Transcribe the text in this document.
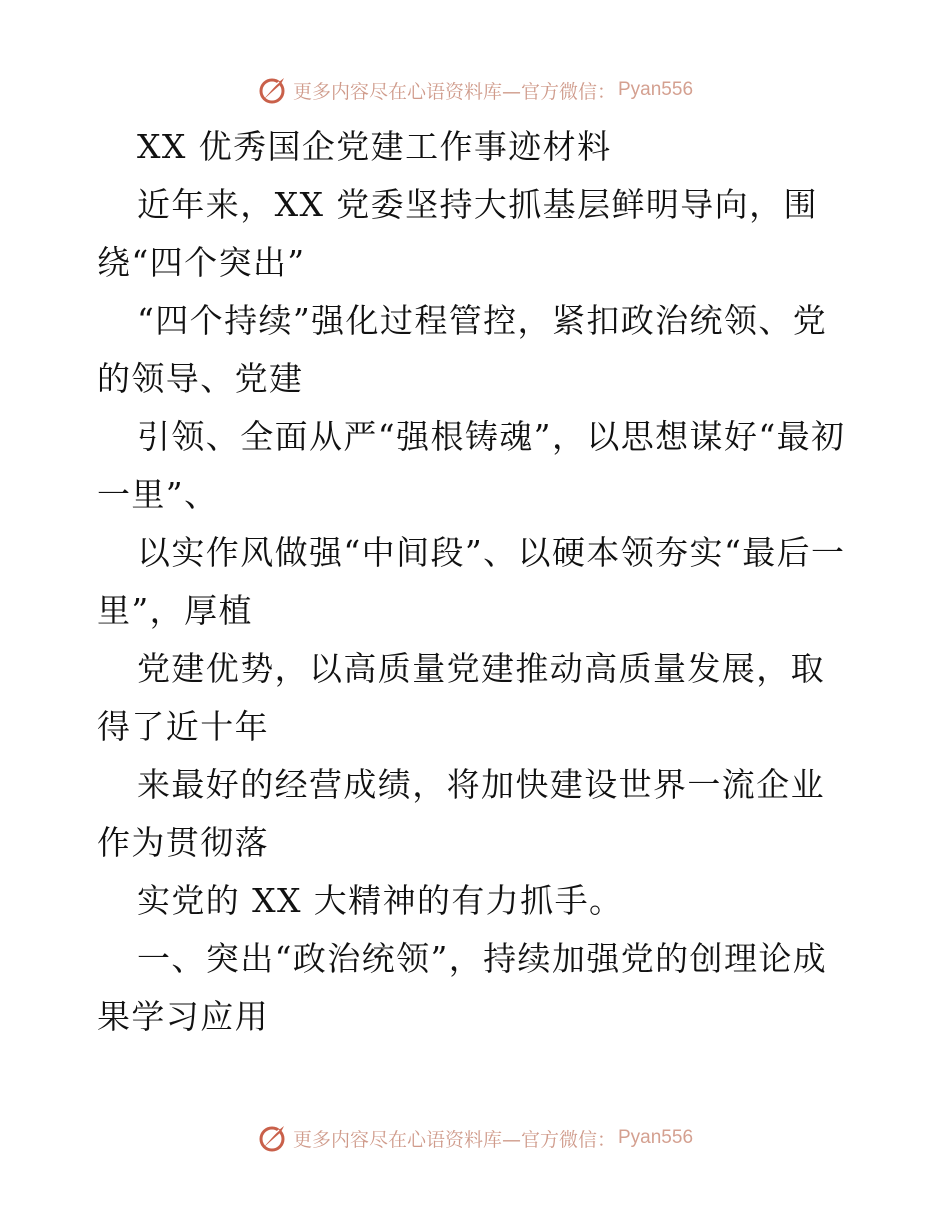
更多内容尽在心语资料库—官方微信： Pyan556

XX 优秀国企党建工作事迹材料

近年来，XX 党委坚持大抓基层鲜明导向，围绕“四个突出”

“四个持续”强化过程管控，紧扣政治统领、党的领导、党建

引领、全面从严“强根铸魂”，以思想谋好“最初一里”、

以实作风做强“中间段”、以硬本领夯实“最后一里”，厚植

党建优势，以高质量党建推动高质量发展，取得了近十年

来最好的经营成绩，将加快建设世界一流企业作为贯彻落

实党的 XX 大精神的有力抓手。

一、突出“政治统领”，持续加强党的创理论成果学习应用

更多内容尽在心语资料库—官方微信： Pyan556
